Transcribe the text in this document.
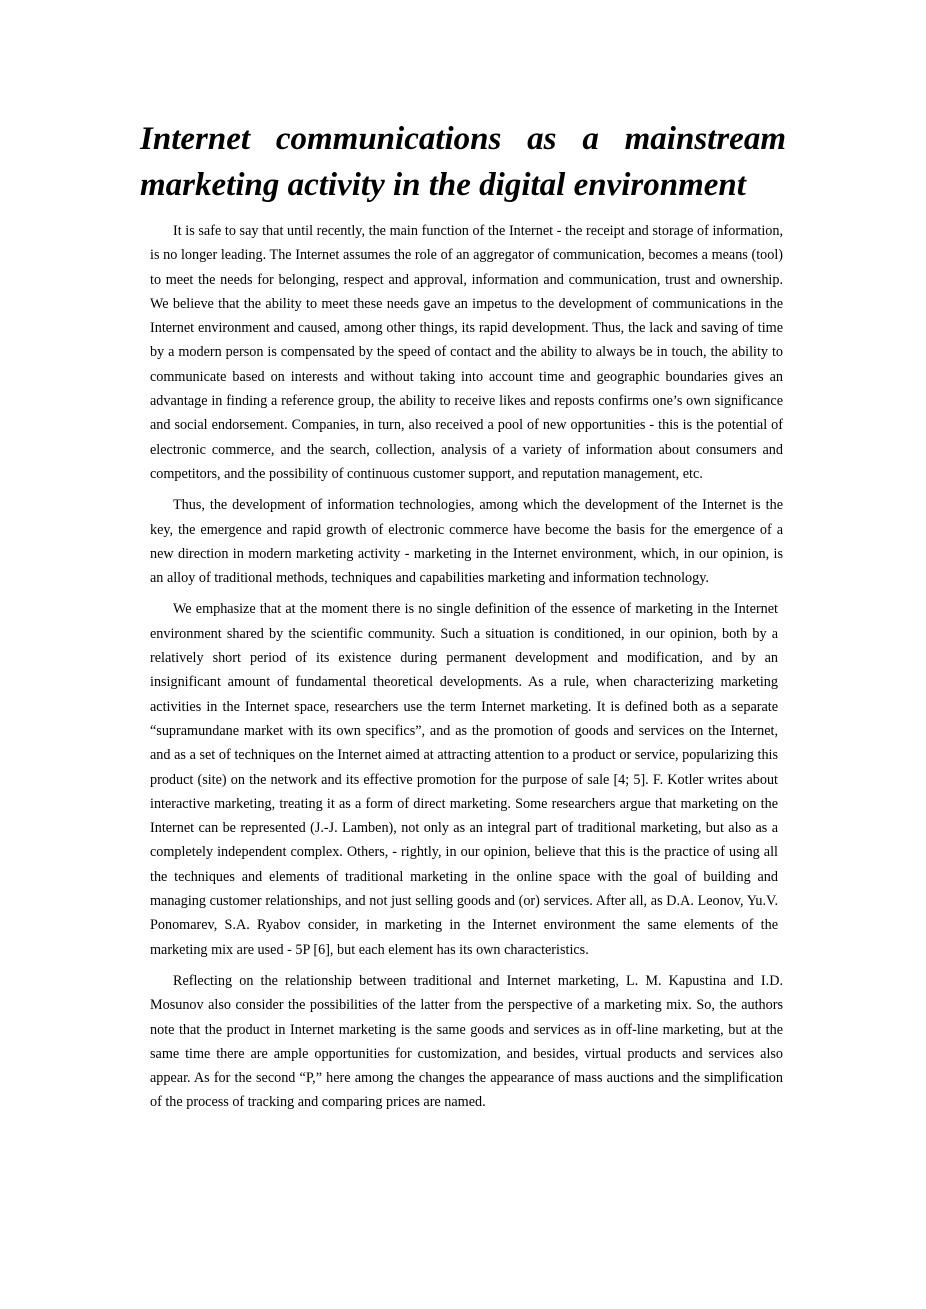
Internet communications as a mainstream
marketing activity in the digital environment

It is safe to say that until recently, the main function of the Internet - the receipt and storage of information, is no longer leading. The Internet assumes the role of an aggregator of communication, becomes a means (tool) to meet the needs for belonging, respect and approval, information and communication, trust and ownership. We believe that the ability to meet these needs gave an impetus to the development of communications in the Internet environment and caused, among other things, its rapid development. Thus, the lack and saving of time by a modern person is compensated by the speed of contact and the ability to always be in touch, the ability to communicate based on interests and without taking into account time and geographic boundaries gives an advantage in finding a reference group, the ability to receive likes and reposts confirms one’s own significance and social endorsement. Companies, in turn, also received a pool of new opportunities - this is the potential of electronic commerce, and the search, collection, analysis of a variety of information about consumers and competitors, and the possibility of continuous customer support, and reputation management, etc.

Thus, the development of information technologies, among which the development of the Internet is the key, the emergence and rapid growth of electronic commerce have become the basis for the emergence of a new direction in modern marketing activity - marketing in the Internet environment, which, in our opinion, is an alloy of traditional methods, techniques and capabilities marketing and information technology.

We emphasize that at the moment there is no single definition of the essence of marketing in the Internet environment shared by the scientific community. Such a situation is conditioned, in our opinion, both by a relatively short period of its existence during permanent development and modification, and by an insignificant amount of fundamental theoretical developments. As a rule, when characterizing marketing activities in the Internet space, researchers use the term Internet marketing. It is defined both as a separate “supramundane market with its own specifics”, and as the promotion of goods and services on the Internet, and as a set of techniques on the Internet aimed at attracting attention to a product or service, popularizing this product (site) on the network and its effective promotion for the purpose of sale [4; 5]. F. Kotler writes about interactive marketing, treating it as a form of direct marketing. Some researchers argue that marketing on the Internet can be represented (J.-J. Lamben), not only as an integral part of traditional marketing, but also as a completely independent complex. Others, - rightly, in our opinion, believe that this is the practice of using all the techniques and elements of traditional marketing in the online space with the goal of building and managing customer relationships, and not just selling goods and (or) services. After all, as D.A. Leonov, Yu.V. Ponomarev, S.A. Ryabov consider, in marketing in the Internet environment the same elements of the marketing mix are used - 5P [6], but each element has its own characteristics.

Reflecting on the relationship between traditional and Internet marketing, L. M. Kapustina and I.D. Mosunov also consider the possibilities of the latter from the perspective of a marketing mix. So, the authors note that the product in Internet marketing is the same goods and services as in off-line marketing, but at the same time there are ample opportunities for customization, and besides, virtual products and services also appear. As for the second “P,” here among the changes the appearance of mass auctions and the simplification of the process of tracking and comparing prices are named.
